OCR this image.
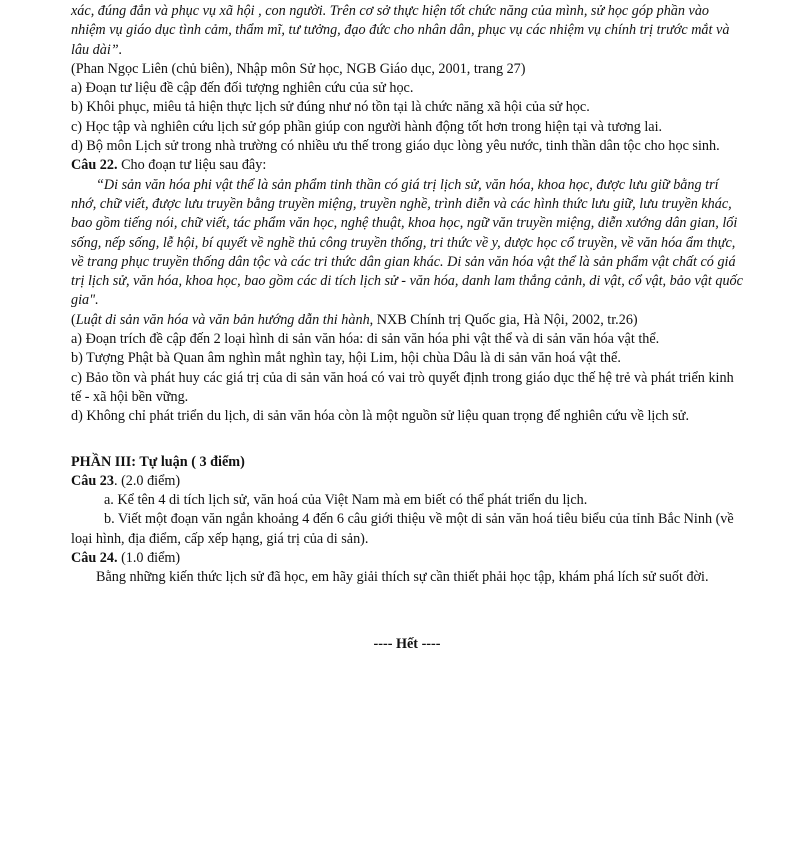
xác, đúng đắn và phục vụ xã hội , con người. Trên cơ sở thực hiện tốt chức năng của mình, sử học góp phần vào nhiệm vụ giáo dục tình cảm, thẩm mĩ, tư tưởng, đạo đức cho nhân dân, phục vụ các nhiệm vụ chính trị trước mắt và lâu dài”.

(Phan Ngọc Liên (chủ biên), Nhập môn Sử học, NGB Giáo dục, 2001, trang 27)

a) Đoạn tư liệu đề cập đến đối tượng nghiên cứu của sử học.

b) Khôi phục, miêu tả hiện thực lịch sử đúng như nó tồn tại là chức năng xã hội của sử học.

c) Học tập và nghiên cứu lịch sử góp phần giúp con người hành động tốt hơn trong hiện tại và tương lai.

d) Bộ môn Lịch sử trong nhà trường có nhiều ưu thế trong giáo dục lòng yêu nước, tinh thần dân tộc cho học sinh.

Câu 22. Cho đoạn tư liệu sau đây:

“Di sản văn hóa phi vật thể là sản phẩm tinh thần có giá trị lịch sử, văn hóa, khoa học, được lưu giữ bằng trí nhớ, chữ viết, được lưu truyền bằng truyền miệng, truyền nghề, trình diễn và các hình thức lưu giữ, lưu truyền khác, bao gồm tiếng nói, chữ viết, tác phẩm văn học, nghệ thuật, khoa học, ngữ văn truyền miệng, diễn xướng dân gian, lối sống, nếp sống, lễ hội, bí quyết về nghề thủ công truyền thống, tri thức về y, dược học cổ truyền, về văn hóa ẩm thực, về trang phục truyền thống dân tộc và các tri thức dân gian khác. Di sản văn hóa vật thể là sản phẩm vật chất có giá trị lịch sử, văn hóa, khoa học, bao gồm các di tích lịch sử - văn hóa, danh lam thắng cảnh, di vật, cổ vật, bảo vật quốc gia".

(Luật di sản văn hóa và văn bản hướng dẫn thi hành, NXB Chính trị Quốc gia, Hà Nội, 2002, tr.26)

a) Đoạn trích đề cập đến 2 loại hình di sản văn hóa: di sản văn hóa phi vật thể và di sản văn hóa vật thể.

b) Tượng Phật bà Quan âm nghìn mắt nghìn tay, hội Lim, hội chùa Dâu là di sản văn hoá vật thể.

c) Bảo tồn và phát huy các giá trị của di sản văn hoá có vai trò quyết định trong giáo dục thế hệ trẻ và phát triển kinh tế - xã hội bền vững.

d) Không chỉ phát triển du lịch, di sản văn hóa còn là một nguồn sử liệu quan trọng để nghiên cứu về lịch sử.

PHẦN III: Tự luận ( 3 điểm)

Câu 23. (2.0 điểm)

a. Kể tên 4 di tích lịch sử, văn hoá của Việt Nam mà em biết có thể phát triển du lịch.

b. Viết một đoạn văn ngắn khoảng 4 đến 6 câu giới thiệu về một di sản văn hoá tiêu biểu của tỉnh Bắc Ninh (về loại hình, địa điểm, cấp xếp hạng, giá trị của di sản).

Câu 24. (1.0 điểm)

Bằng những kiến thức lịch sử đã học, em hãy giải thích sự cần thiết phải học tập, khám phá lích sử suốt đời.

---- Hết ----
